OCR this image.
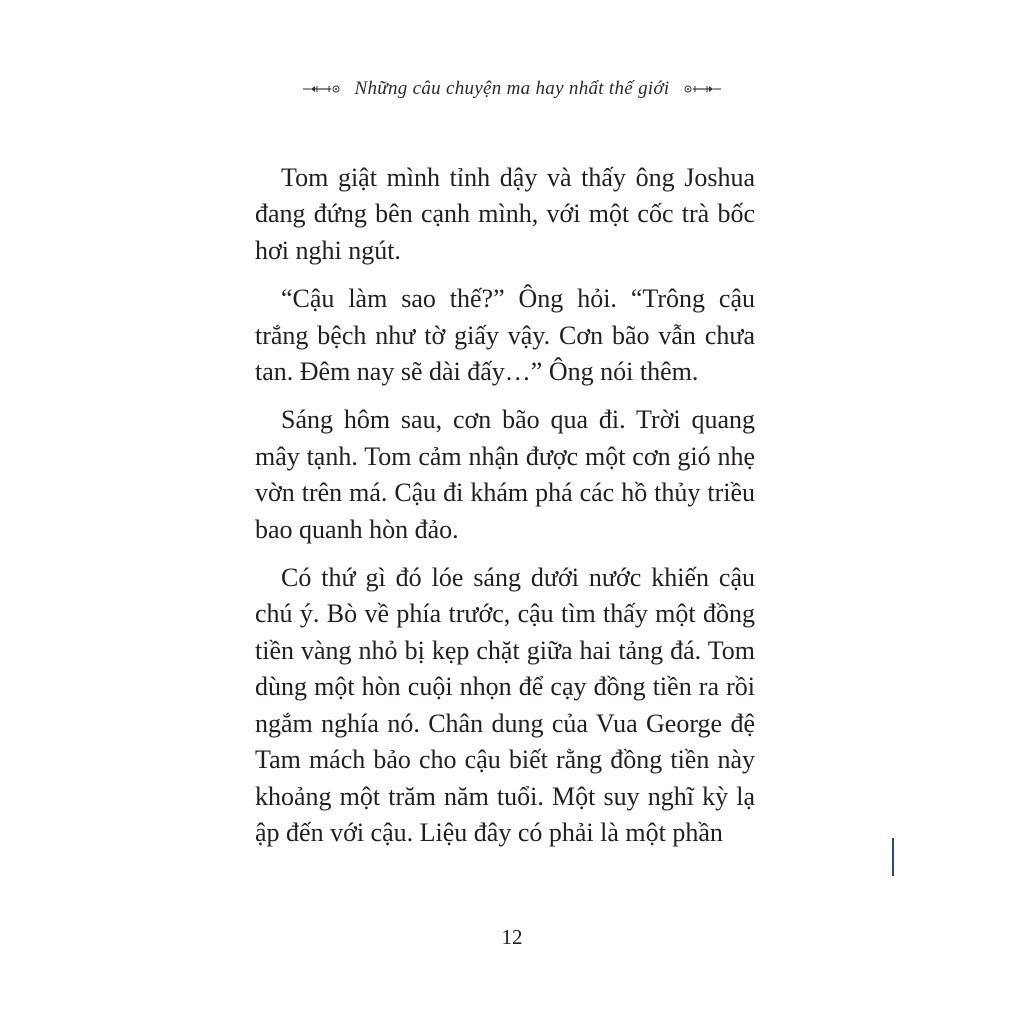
Những câu chuyện ma hay nhất thế giới

Tom giật mình tỉnh dậy và thấy ông Joshua đang đứng bên cạnh mình, với một cốc trà bốc hơi nghi ngút.

“Cậu làm sao thế?” Ông hỏi. “Trông cậu trắng bệch như tờ giấy vậy. Cơn bão vẫn chưa tan. Đêm nay sẽ dài đấy…” Ông nói thêm.

Sáng hôm sau, cơn bão qua đi. Trời quang mây tạnh. Tom cảm nhận được một cơn gió nhẹ vờn trên má. Cậu đi khám phá các hồ thủy triều bao quanh hòn đảo.

Có thứ gì đó lóe sáng dưới nước khiến cậu chú ý. Bò về phía trước, cậu tìm thấy một đồng tiền vàng nhỏ bị kẹp chặt giữa hai tảng đá. Tom dùng một hòn cuội nhọn để cạy đồng tiền ra rồi ngắm nghía nó. Chân dung của Vua George đệ Tam mách bảo cho cậu biết rằng đồng tiền này khoảng một trăm năm tuổi. Một suy nghĩ kỳ lạ ập đến với cậu. Liệu đây có phải là một phần

12
